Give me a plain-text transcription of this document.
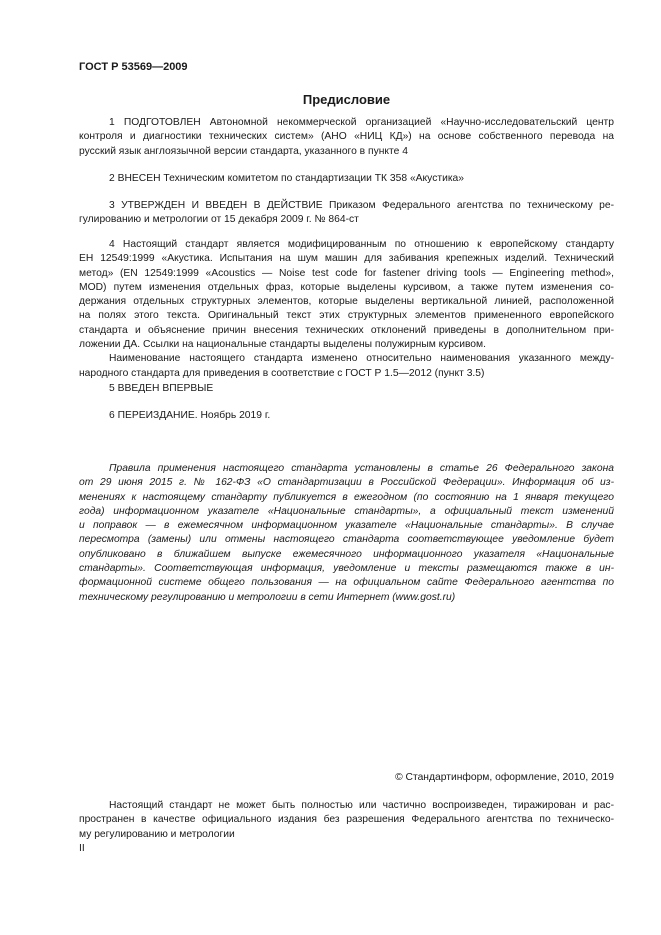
ГОСТ Р 53569—2009
Предисловие

1 ПОДГОТОВЛЕН Автономной некоммерческой организацией «Научно-исследовательский центр
контроля и диагностики технических систем» (АНО «НИЦ КД») на основе собственного перевода на
русский язык англоязычной версии стандарта, указанного в пункте 4

2 ВНЕСЕН Техническим комитетом по стандартизации ТК 358 «Акустика»

3 УТВЕРЖДЕН И ВВЕДЕН В ДЕЙСТВИЕ Приказом Федерального агентства по техническому ре-
гулированию и метрологии от 15 декабря 2009 г. № 864-ст

4 Настоящий стандарт является модифицированным по отношению к европейскому стандарту
ЕН 12549:1999 «Акустика. Испытания на шум машин для забивания крепежных изделий. Технический
метод» (EN 12549:1999 «Acoustics — Noise test code for fastener driving tools — Engineering method»,
MOD) путем изменения отдельных фраз, которые выделены курсивом, а также путем изменения со-
держания отдельных структурных элементов, которые выделены вертикальной линией, расположенной
на полях этого текста. Оригинальный текст этих структурных элементов примененного европейского
стандарта и объяснение причин внесения технических отклонений приведены в дополнительном при-
ложении ДА. Ссылки на национальные стандарты выделены полужирным курсивом.
Наименование настоящего стандарта изменено относительно наименования указанного между-
народного стандарта для приведения в соответствие с ГОСТ Р 1.5—2012 (пункт 3.5)

5 ВВЕДЕН ВПЕРВЫЕ

6 ПЕРЕИЗДАНИЕ. Ноябрь 2019 г.

Правила применения настоящего стандарта установлены в статье 26 Федерального закона
от 29 июня 2015 г. № 162-ФЗ «О стандартизации в Российской Федерации». Информация об из-
менениях к настоящему стандарту публикуется в ежегодном (по состоянию на 1 января текущего
года) информационном указателе «Национальные стандарты», а официальный текст изменений
и поправок — в ежемесячном информационном указателе «Национальные стандарты». В случае
пересмотра (замены) или отмены настоящего стандарта соответствующее уведомление будет
опубликовано в ближайшем выпуске ежемесячного информационного указателя «Национальные
стандарты». Соответствующая информация, уведомление и тексты размещаются также в ин-
формационной системе общего пользования — на официальном сайте Федерального агентства по
техническому регулированию и метрологии в сети Интернет (www.gost.ru)

© Стандартинформ, оформление, 2010, 2019

Настоящий стандарт не может быть полностью или частично воспроизведен, тиражирован и рас-
пространен в качестве официального издания без разрешения Федерального агентства по техническо-
му регулированию и метрологии

II
